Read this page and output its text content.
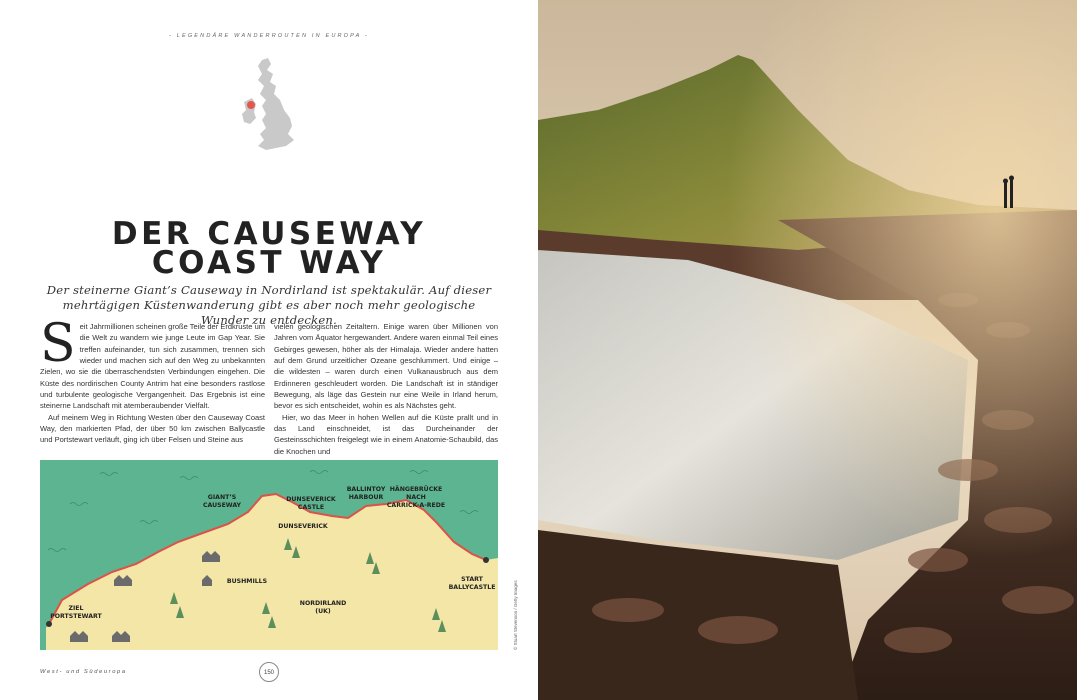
- LEGENDÄRE WANDERROUTEN IN EUROPA -
DER CAUSEWAY
COAST WAY

Der steinerne Giant’s Causeway in Nordirland ist spektakulär. Auf dieser mehrtägigen Küstenwanderung gibt es aber noch mehr geologische Wunder zu entdecken.

S eit Jahrmillionen scheinen große Teile der Erdkruste um die Welt zu wandern wie junge Leute im Gap Year. Sie treffen aufeinander, tun sich zusammen, trennen sich wieder und machen sich auf den Weg zu unbekannten Zielen, wo sie die überraschendsten Verbindungen eingehen. Die Küste des nordirischen County Antrim hat eine besonders rastlose und turbulente geologische Vergangenheit. Das Ergebnis ist eine steinerne Landschaft mit atemberaubender Vielfalt.

Auf meinem Weg in Richtung Westen über den Causeway Coast Way, den markierten Pfad, der über 50 km zwischen Ballycastle und Portstewart verläuft, ging ich über Felsen und Steine aus

vielen geologischen Zeitaltern. Einige waren über Millionen von Jahren vom Äquator hergewandert. Andere waren einmal Teil eines Gebirges gewesen, höher als der Himalaja. Wieder andere hatten auf dem Grund urzeitlicher Ozeane geschlummert. Und einige – die wildesten – waren durch einen Vulkanausbruch aus dem Erdinneren geschleudert worden. Die Landschaft ist in ständiger Bewegung, als läge das Gestein nur eine Weile in Irland herum, bevor es sich entscheidet, wohin es als Nächstes geht.

Hier, wo das Meer in hohen Wellen auf die Küste prallt und in das Land einschneidet, ist das Durcheinander der Gesteinsschichten freigelegt wie in einem Anatomie-Schaubild, das die Knochen und

GIANT’S
CAUSEWAY
DUNSEVERICK
CASTLE
BALLINTOY
HARBOUR
HÄNGEBRÜCKE
NACH
CARRICK-A-REDE
DUNSEVERICK
BUSHMILLS
NORDIRLAND
(UK)
START
BALLYCASTLE
ZIEL
PORTSTEWART
West- und Südeuropa	150
© Stuart Stevenson / Getty Images
